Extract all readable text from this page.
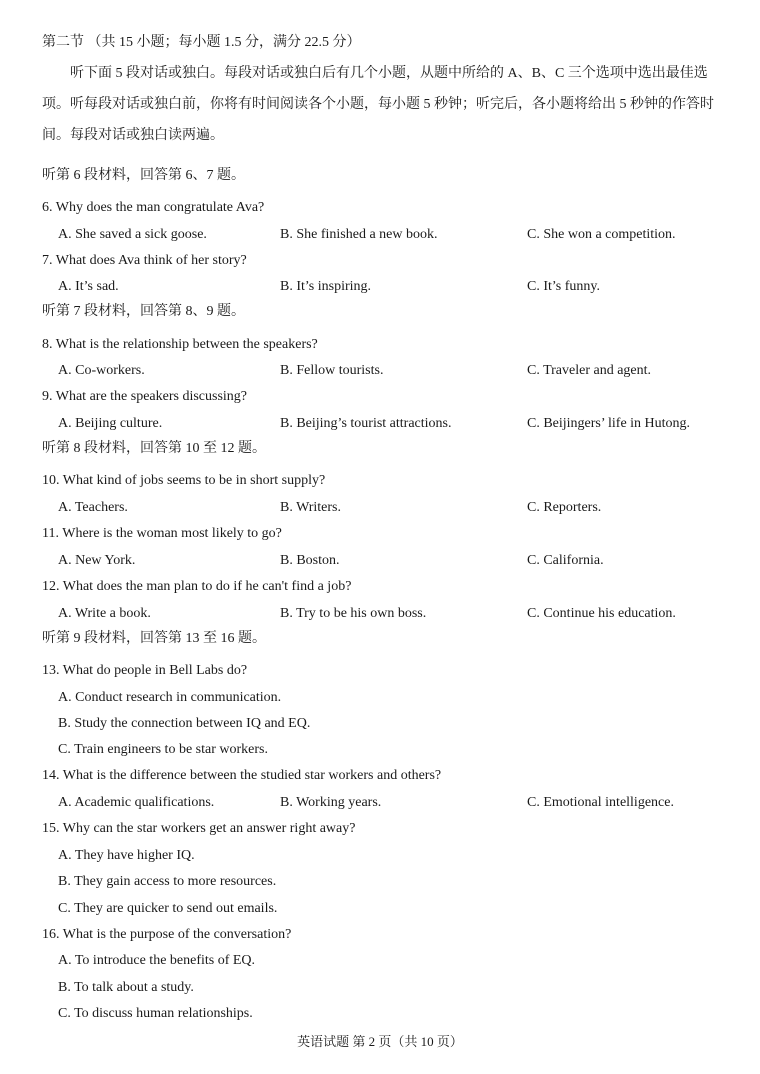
第二节 （共 15 小题；每小题 1.5 分，满分 22.5 分）
听下面 5 段对话或独白。每段对话或独白后有几个小题，从题中所给的 A、B、C 三个选项中选出最佳选项。听每段对话或独白前，你将有时间阅读各个小题，每小题 5 秒钟；听完后，各小题将给出 5 秒钟的作答时间。每段对话或独白读两遍。
听第 6 段材料，回答第 6、7 题。
6. Why does the man congratulate Ava?
A. She saved a sick goose.	B. She finished a new book.	C. She won a competition.
7. What does Ava think of her story?
A. It’s sad.	B. It’s inspiring.	C. It’s funny.
听第 7 段材料，回答第 8、9 题。
8. What is the relationship between the speakers?
A. Co-workers.	B. Fellow tourists.	C. Traveler and agent.
9. What are the speakers discussing?
A. Beijing culture.	B. Beijing’s tourist attractions.	C. Beijingers’ life in Hutong.
听第 8 段材料，回答第 10 至 12 题。
10. What kind of jobs seems to be in short supply?
A. Teachers.	B. Writers.	C. Reporters.
11. Where is the woman most likely to go?
A. New York.	B. Boston.	C. California.
12. What does the man plan to do if he can't find a job?
A. Write a book.	B. Try to be his own boss.	C. Continue his education.
听第 9 段材料，回答第 13 至 16 题。
13. What do people in Bell Labs do?
A. Conduct research in communication.
B. Study the connection between IQ and EQ.
C. Train engineers to be star workers.
14. What is the difference between the studied star workers and others?
A. Academic qualifications.	B. Working years.	C. Emotional intelligence.
15. Why can the star workers get an answer right away?
A. They have higher IQ.
B. They gain access to more resources.
C. They are quicker to send out emails.
16. What is the purpose of the conversation?
A. To introduce the benefits of EQ.
B. To talk about a study.
C. To discuss human relationships.
英语试题 第 2 页（共 10 页）
